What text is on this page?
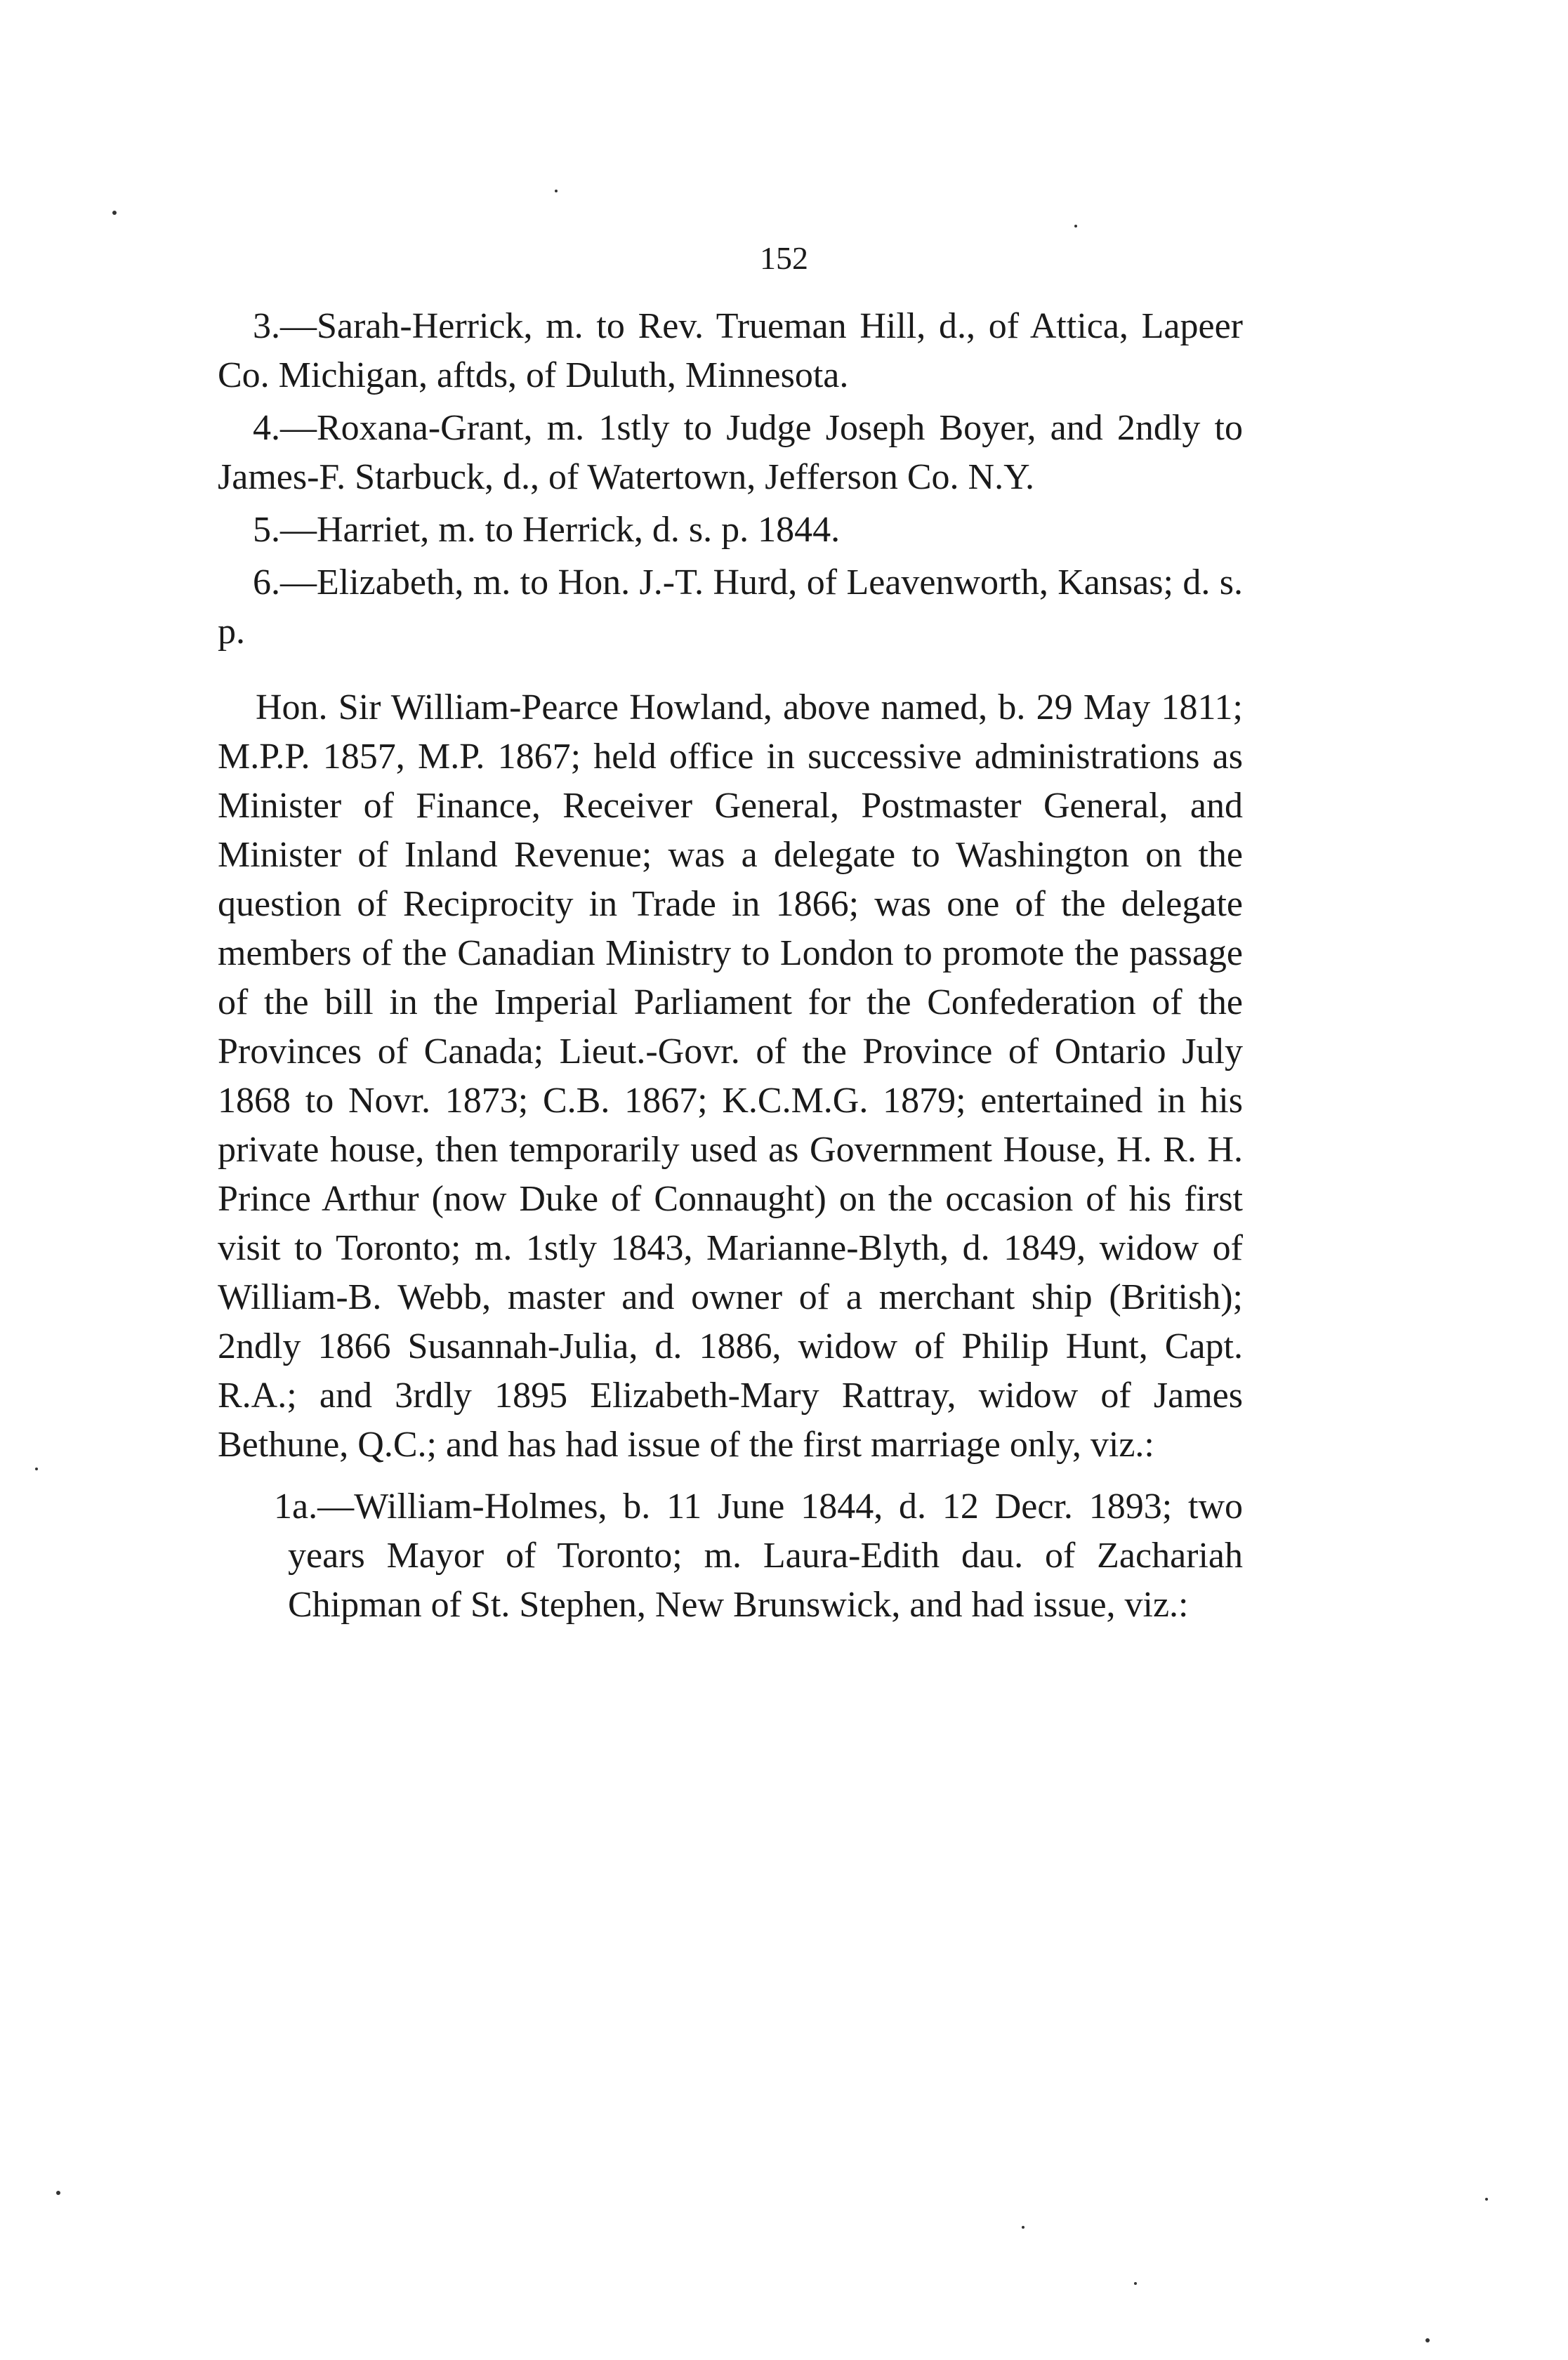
152

3.—Sarah-Herrick, m. to Rev. Trueman Hill, d., of Attica, Lapeer Co. Michigan, aftds, of Duluth, Minnesota.

4.—Roxana-Grant, m. 1stly to Judge Joseph Boyer, and 2ndly to James-F. Starbuck, d., of Watertown, Jefferson Co. N.Y.

5.—Harriet, m. to Herrick, d. s. p. 1844.

6.—Elizabeth, m. to Hon. J.-T. Hurd, of Leavenworth, Kansas; d. s. p.

Hon. Sir William-Pearce Howland, above named, b. 29 May 1811; M.P.P. 1857, M.P. 1867; held office in successive administrations as Minister of Finance, Receiver General, Postmaster General, and Minister of Inland Revenue; was a delegate to Washington on the question of Reciprocity in Trade in 1866; was one of the delegate members of the Canadian Ministry to London to promote the passage of the bill in the Imperial Parliament for the Confederation of the Provinces of Canada; Lieut.-Govr. of the Province of Ontario July 1868 to Novr. 1873; C.B. 1867; K.C.M.G. 1879; entertained in his private house, then temporarily used as Government House, H. R. H. Prince Arthur (now Duke of Connaught) on the occasion of his first visit to Toronto; m. 1stly 1843, Marianne-Blyth, d. 1849, widow of William-B. Webb, master and owner of a merchant ship (British); 2ndly 1866 Susannah-Julia, d. 1886, widow of Philip Hunt, Capt. R.A.; and 3rdly 1895 Elizabeth-Mary Rattray, widow of James Bethune, Q.C.; and has had issue of the first marriage only, viz.:

1a.—William-Holmes, b. 11 June 1844, d. 12 Decr. 1893; two years Mayor of Toronto; m. Laura-Edith dau. of Zachariah Chipman of St. Stephen, New Brunswick, and had issue, viz.:
